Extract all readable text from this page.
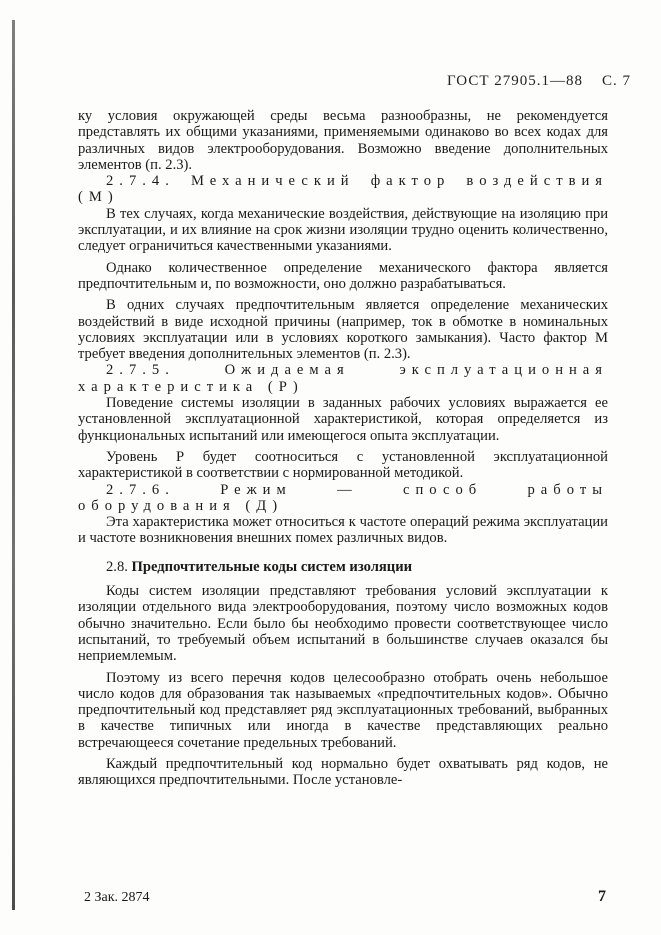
ГОСТ 27905.1—88 С. 7

ку условия окружающей среды весьма разнообразны, не рекомендуется представлять их общими указаниями, применяемыми одинаково во всех кодах для различных видов электрооборудования. Возможно введение дополнительных элементов (п. 2.3).

2.7.4. Механический фактор воздействия (М)

В тех случаях, когда механические воздействия, действующие на изоляцию при эксплуатации, и их влияние на срок жизни изоляции трудно оценить количественно, следует ограничиться качественными указаниями.

Однако количественное определение механического фактора является предпочтительным и, по возможности, оно должно разрабатываться.

В одних случаях предпочтительным является определение механических воздействий в виде исходной причины (например, ток в обмотке в номинальных условиях эксплуатации или в условиях короткого замыкания). Часто фактор М требует введения дополнительных элементов (п. 2.3).

2.7.5. Ожидаемая эксплуатационная характеристика (Р)

Поведение системы изоляции в заданных рабочих условиях выражается ее установленной эксплуатационной характеристикой, которая определяется из функциональных испытаний или имеющегося опыта эксплуатации.

Уровень Р будет соотноситься с установленной эксплуатационной характеристикой в соответствии с нормированной методикой.

2.7.6. Режим — способ работы оборудования (Д)

Эта характеристика может относиться к частоте операций режима эксплуатации и частоте возникновения внешних помех различных видов.

2.8. Предпочтительные коды систем изоляции

Коды систем изоляции представляют требования условий эксплуатации к изоляции отдельного вида электрооборудования, поэтому число возможных кодов обычно значительно. Если было бы необходимо провести соответствующее число испытаний, то требуемый объем испытаний в большинстве случаев оказался бы неприемлемым.

Поэтому из всего перечня кодов целесообразно отобрать очень небольшое число кодов для образования так называемых «предпочтительных кодов». Обычно предпочтительный код представляет ряд эксплуатационных требований, выбранных в качестве типичных или иногда в качестве представляющих реально встречающееся сочетание предельных требований.

Каждый предпочтительный код нормально будет охватывать ряд кодов, не являющихся предпочтительными. После установле-

2 Зак. 2874	7
